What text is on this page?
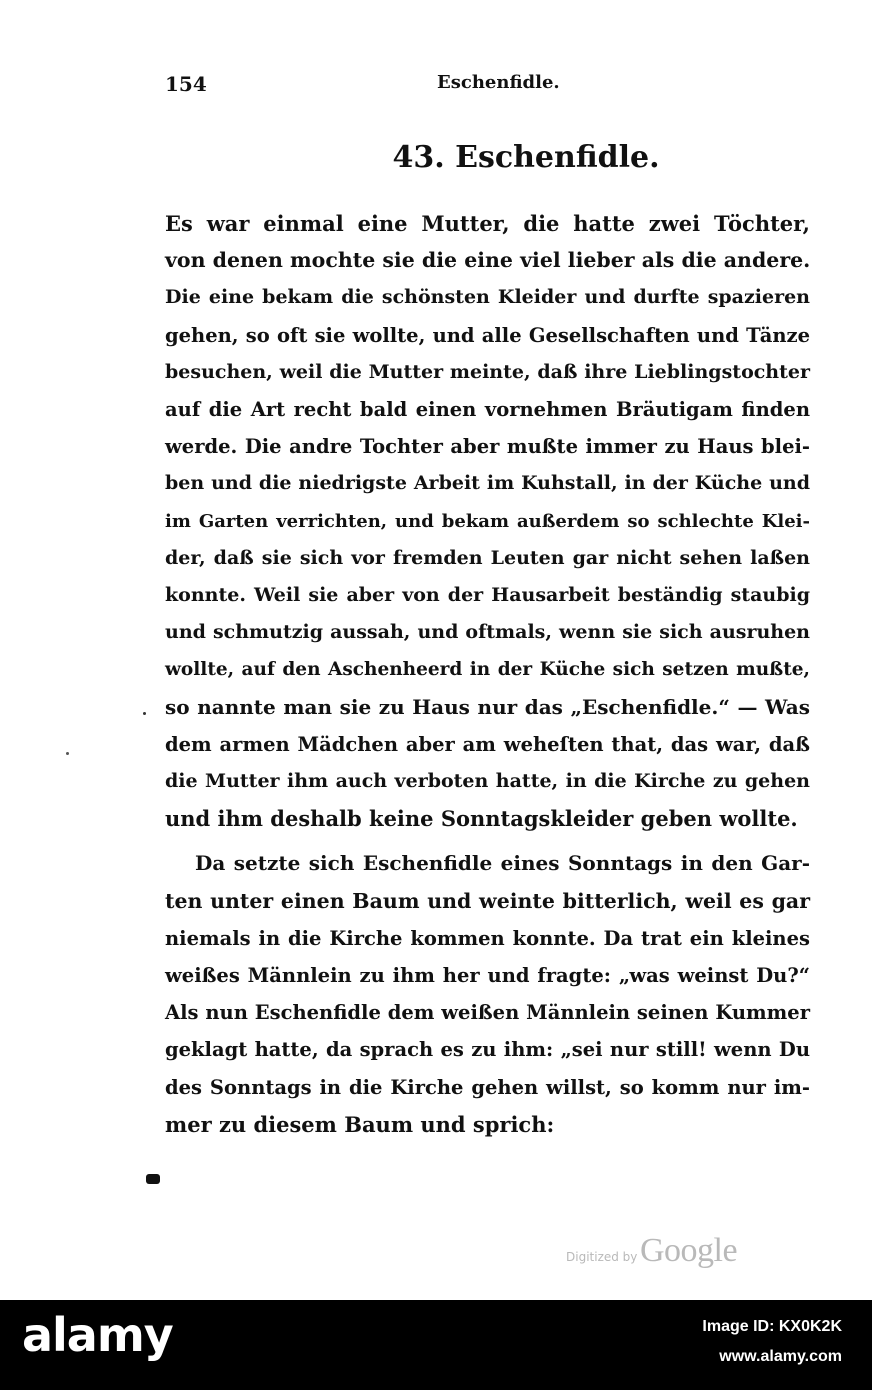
154	Eschenfidle.
43. Eschenfidle.

Es war einmal eine Mutter, die hatte zwei Töchter,
von denen mochte sie die eine viel lieber als die andere.
Die eine bekam die schönsten Kleider und durfte spazieren
gehen, so oft sie wollte, und alle Gesellschaften und Tänze
besuchen, weil die Mutter meinte, daß ihre Lieblingstochter
auf die Art recht bald einen vornehmen Bräutigam finden
werde. Die andre Tochter aber mußte immer zu Haus blei-
ben und die niedrigste Arbeit im Kuhstall, in der Küche und
im Garten verrichten, und bekam außerdem so schlechte Klei-
der, daß sie sich vor fremden Leuten gar nicht sehen laßen
konnte. Weil sie aber von der Hausarbeit beständig staubig
und schmutzig aussah, und oftmals, wenn sie sich ausruhen
wollte, auf den Aschenheerd in der Küche sich setzen mußte,
so nannte man sie zu Haus nur das „Eschenfidle.“ — Was
dem armen Mädchen aber am weheſten that, das war, daß
die Mutter ihm auch verboten hatte, in die Kirche zu gehen
und ihm deshalb keine Sonntagskleider geben wollte.

Da setzte sich Eschenfidle eines Sonntags in den Gar-
ten unter einen Baum und weinte bitterlich, weil es gar
niemals in die Kirche kommen konnte. Da trat ein kleines
weißes Männlein zu ihm her und fragte: „was weinst Du?“
Als nun Eschenfidle dem weißen Männlein seinen Kummer
geklagt hatte, da sprach es zu ihm: „sei nur still! wenn Du
des Sonntags in die Kirche gehen willst, so komm nur im-
mer zu diesem Baum und sprich:

Digitized by Google
alamy	Image ID: KX0K2K
www.alamy.com
